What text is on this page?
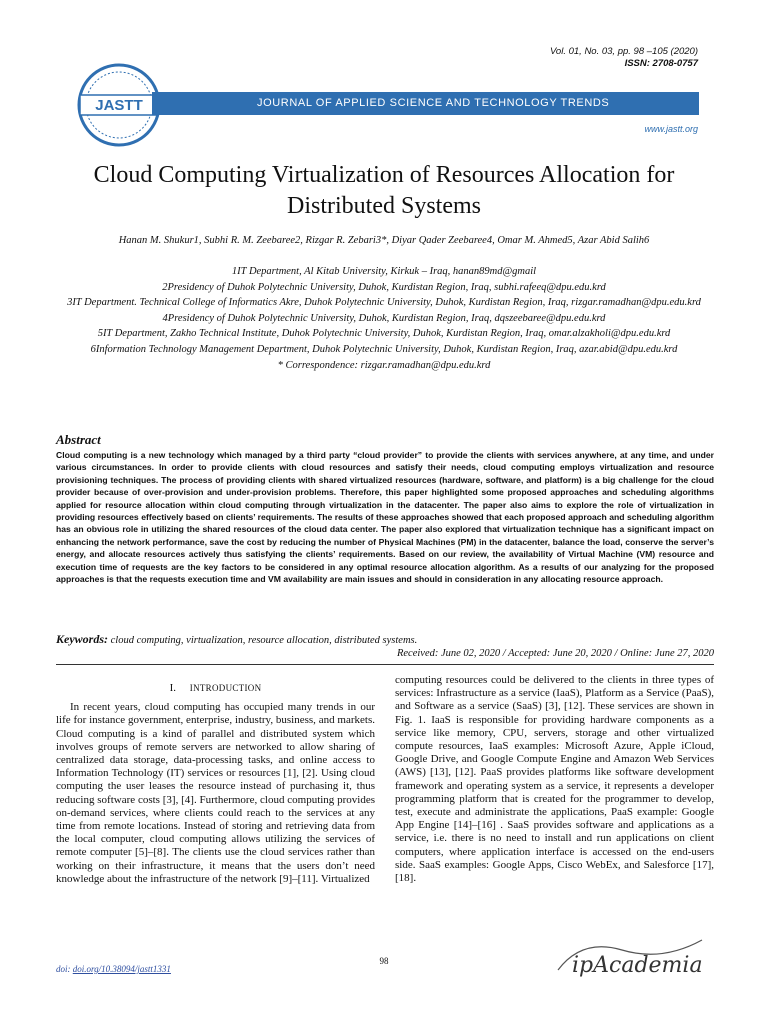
Vol. 01, No. 03, pp. 98 –105 (2020)
ISSN: 2708-0757
JASTT	JOURNAL OF APPLIED SCIENCE AND TECHNOLOGY TRENDS
www.jastt.org
Cloud Computing Virtualization of Resources Allocation for Distributed Systems
Hanan M. Shukur1, Subhi R. M. Zeebaree2, Rizgar R. Zebari3*, Diyar Qader Zeebaree4, Omar M. Ahmed5, Azar Abid Salih6
1IT Department, Al Kitab University, Kirkuk – Iraq, hanan89md@gmail
2Presidency of Duhok Polytechnic University, Duhok, Kurdistan Region, Iraq, subhi.rafeeq@dpu.edu.krd
3IT Department. Technical College of Informatics Akre, Duhok Polytechnic University, Duhok, Kurdistan Region, Iraq, rizgar.ramadhan@dpu.edu.krd
4Presidency of Duhok Polytechnic University, Duhok, Kurdistan Region, Iraq, dqszeebaree@dpu.edu.krd
5IT Department, Zakho Technical Institute, Duhok Polytechnic University, Duhok, Kurdistan Region, Iraq, omar.alzakholi@dpu.edu.krd
6Information Technology Management Department, Duhok Polytechnic University, Duhok, Kurdistan Region, Iraq, azar.abid@dpu.edu.krd
* Correspondence: rizgar.ramadhan@dpu.edu.krd
Abstract
Cloud computing is a new technology which managed by a third party “cloud provider” to provide the clients with services anywhere, at any time, and under various circumstances. In order to provide clients with cloud resources and satisfy their needs, cloud computing employs virtualization and resource provisioning techniques. The process of providing clients with shared virtualized resources (hardware, software, and platform) is a big challenge for the cloud provider because of over-provision and under-provision problems. Therefore, this paper highlighted some proposed approaches and scheduling algorithms applied for resource allocation within cloud computing through virtualization in the datacenter. The paper also aims to explore the role of virtualization in providing resources effectively based on clients’ requirements. The results of these approaches showed that each proposed approach and scheduling algorithm has an obvious role in utilizing the shared resources of the cloud data center. The paper also explored that virtualization technique has a significant impact on enhancing the network performance, save the cost by reducing the number of Physical Machines (PM) in the datacenter, balance the load, conserve the server’s energy, and allocate resources actively thus satisfying the clients’ requirements. Based on our review, the availability of Virtual Machine (VM) resource and execution time of requests are the key factors to be considered in any optimal resource allocation algorithm. As a results of our analyzing for the proposed approaches is that the requests execution time and VM availability are main issues and should in consideration in any allocating resource approach.
Keywords: cloud computing, virtualization, resource allocation, distributed systems.
Received: June 02, 2020 / Accepted: June 20, 2020 / Online: June 27, 2020
I. INTRODUCTION

In recent years, cloud computing has occupied many trends in our life for instance government, enterprise, industry, business, and markets. Cloud computing is a kind of parallel and distributed system which involves groups of remote servers are networked to allow sharing of centralized data storage, data-processing tasks, and online access to Information Technology (IT) services or resources [1], [2]. Using cloud computing the user leases the resource instead of purchasing it, thus reducing software costs [3], [4]. Furthermore, cloud computing provides on-demand services, where clients could reach to the services at any time from remote locations. Instead of storing and retrieving data from the local computer, cloud computing allows utilizing the services of remote computer [5]–[8]. The clients use the cloud services rather than working on their infrastructure, it means that the users don’t need knowledge about the infrastructure of the network [9]–[11]. Virtualized

computing resources could be delivered to the clients in three types of services: Infrastructure as a service (IaaS), Platform as a Service (PaaS), and Software as a service (SaaS) [3], [12]. These services are shown in Fig. 1. IaaS is responsible for providing hardware components as a service like memory, CPU, servers, storage and other virtualized compute resources, IaaS examples: Microsoft Azure, Apple iCloud, Google Drive, and Google Compute Engine and Amazon Web Services (AWS) [13], [12]. PaaS provides platforms like software development framework and operating system as a service, it represents a developer programming platform that is created for the programmer to develop, test, execute and administrate the applications, PaaS example: Google App Engine [14]–[16] . SaaS provides software and applications as a service, i.e. there is no need to install and run applications on client computers, where application interface is accessed on the end-users side. SaaS examples: Google Apps, Cisco WebEx, and Salesforce [17], [18].

98
doi: doi.org/10.38094/jastt1331	ipAcademia
